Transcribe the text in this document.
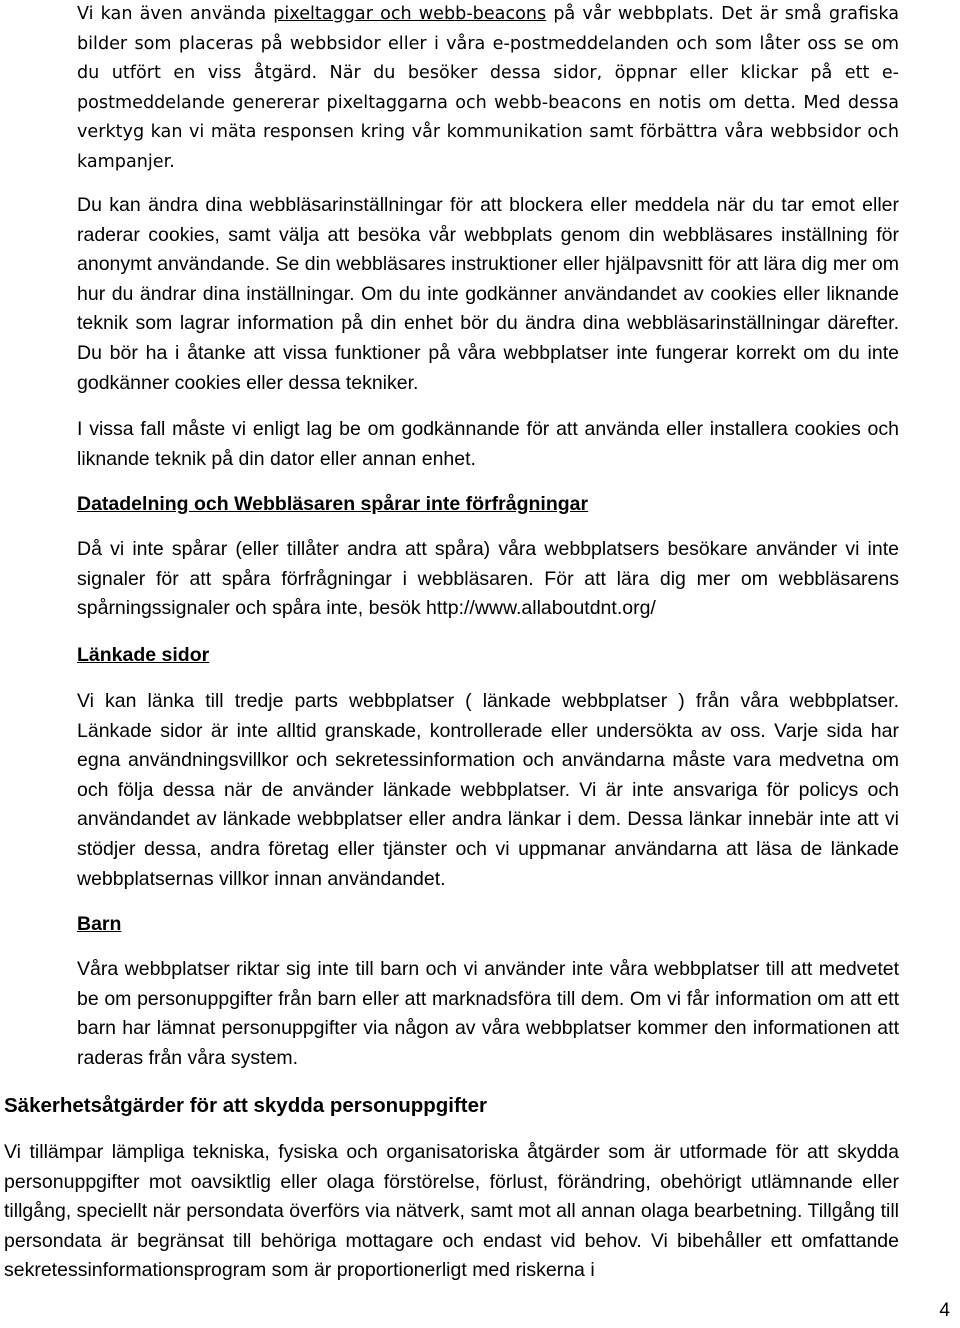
Vi kan även använda pixeltaggar och webb-beacons på vår webbplats. Det är små grafiska bilder som placeras på webbsidor eller i våra e-postmeddelanden och som låter oss se om du utfört en viss åtgärd. När du besöker dessa sidor, öppnar eller klickar på ett e-postmeddelande genererar pixeltaggarna och webb-beacons en notis om detta. Med dessa verktyg kan vi mäta responsen kring vår kommunikation samt förbättra våra webbsidor och kampanjer.

Du kan ändra dina webbläsarinställningar för att blockera eller meddela när du tar emot eller raderar cookies, samt välja att besöka vår webbplats genom din webbläsares inställning för anonymt användande. Se din webbläsares instruktioner eller hjälpavsnitt för att lära dig mer om hur du ändrar dina inställningar. Om du inte godkänner användandet av cookies eller liknande teknik som lagrar information på din enhet bör du ändra dina webbläsarinställningar därefter. Du bör ha i åtanke att vissa funktioner på våra webbplatser inte fungerar korrekt om du inte godkänner cookies eller dessa tekniker.

I vissa fall måste vi enligt lag be om godkännande för att använda eller installera cookies och liknande teknik på din dator eller annan enhet.

Datadelning och Webbläsaren spårar inte förfrågningar

Då vi inte spårar (eller tillåter andra att spåra) våra webbplatsers besökare använder vi inte signaler för att spåra förfrågningar i webbläsaren. För att lära dig mer om webbläsarens spårningssignaler och spåra inte, besök http://www.allaboutdnt.org/

Länkade sidor

Vi kan länka till tredje parts webbplatser ( länkade webbplatser ) från våra webbplatser. Länkade sidor är inte alltid granskade, kontrollerade eller undersökta av oss. Varje sida har egna användningsvillkor och sekretessinformation och användarna måste vara medvetna om och följa dessa när de använder länkade webbplatser. Vi är inte ansvariga för policys och användandet av länkade webbplatser eller andra länkar i dem. Dessa länkar innebär inte att vi stödjer dessa, andra företag eller tjänster och vi uppmanar användarna att läsa de länkade webbplatsernas villkor innan användandet.

Barn

Våra webbplatser riktar sig inte till barn och vi använder inte våra webbplatser till att medvetet be om personuppgifter från barn eller att marknadsföra till dem. Om vi får information om att ett barn har lämnat personuppgifter via någon av våra webbplatser kommer den informationen att raderas från våra system.

Säkerhetsåtgärder för att skydda personuppgifter

Vi tillämpar lämpliga tekniska, fysiska och organisatoriska åtgärder som är utformade för att skydda personuppgifter mot oavsiktlig eller olaga förstörelse, förlust, förändring, obehörigt utlämnande eller tillgång, speciellt när persondata överförs via nätverk, samt mot all annan olaga bearbetning. Tillgång till persondata är begränsat till behöriga mottagare och endast vid behov. Vi bibehåller ett omfattande sekretessinformationsprogram som är proportionerligt med riskerna i

4
